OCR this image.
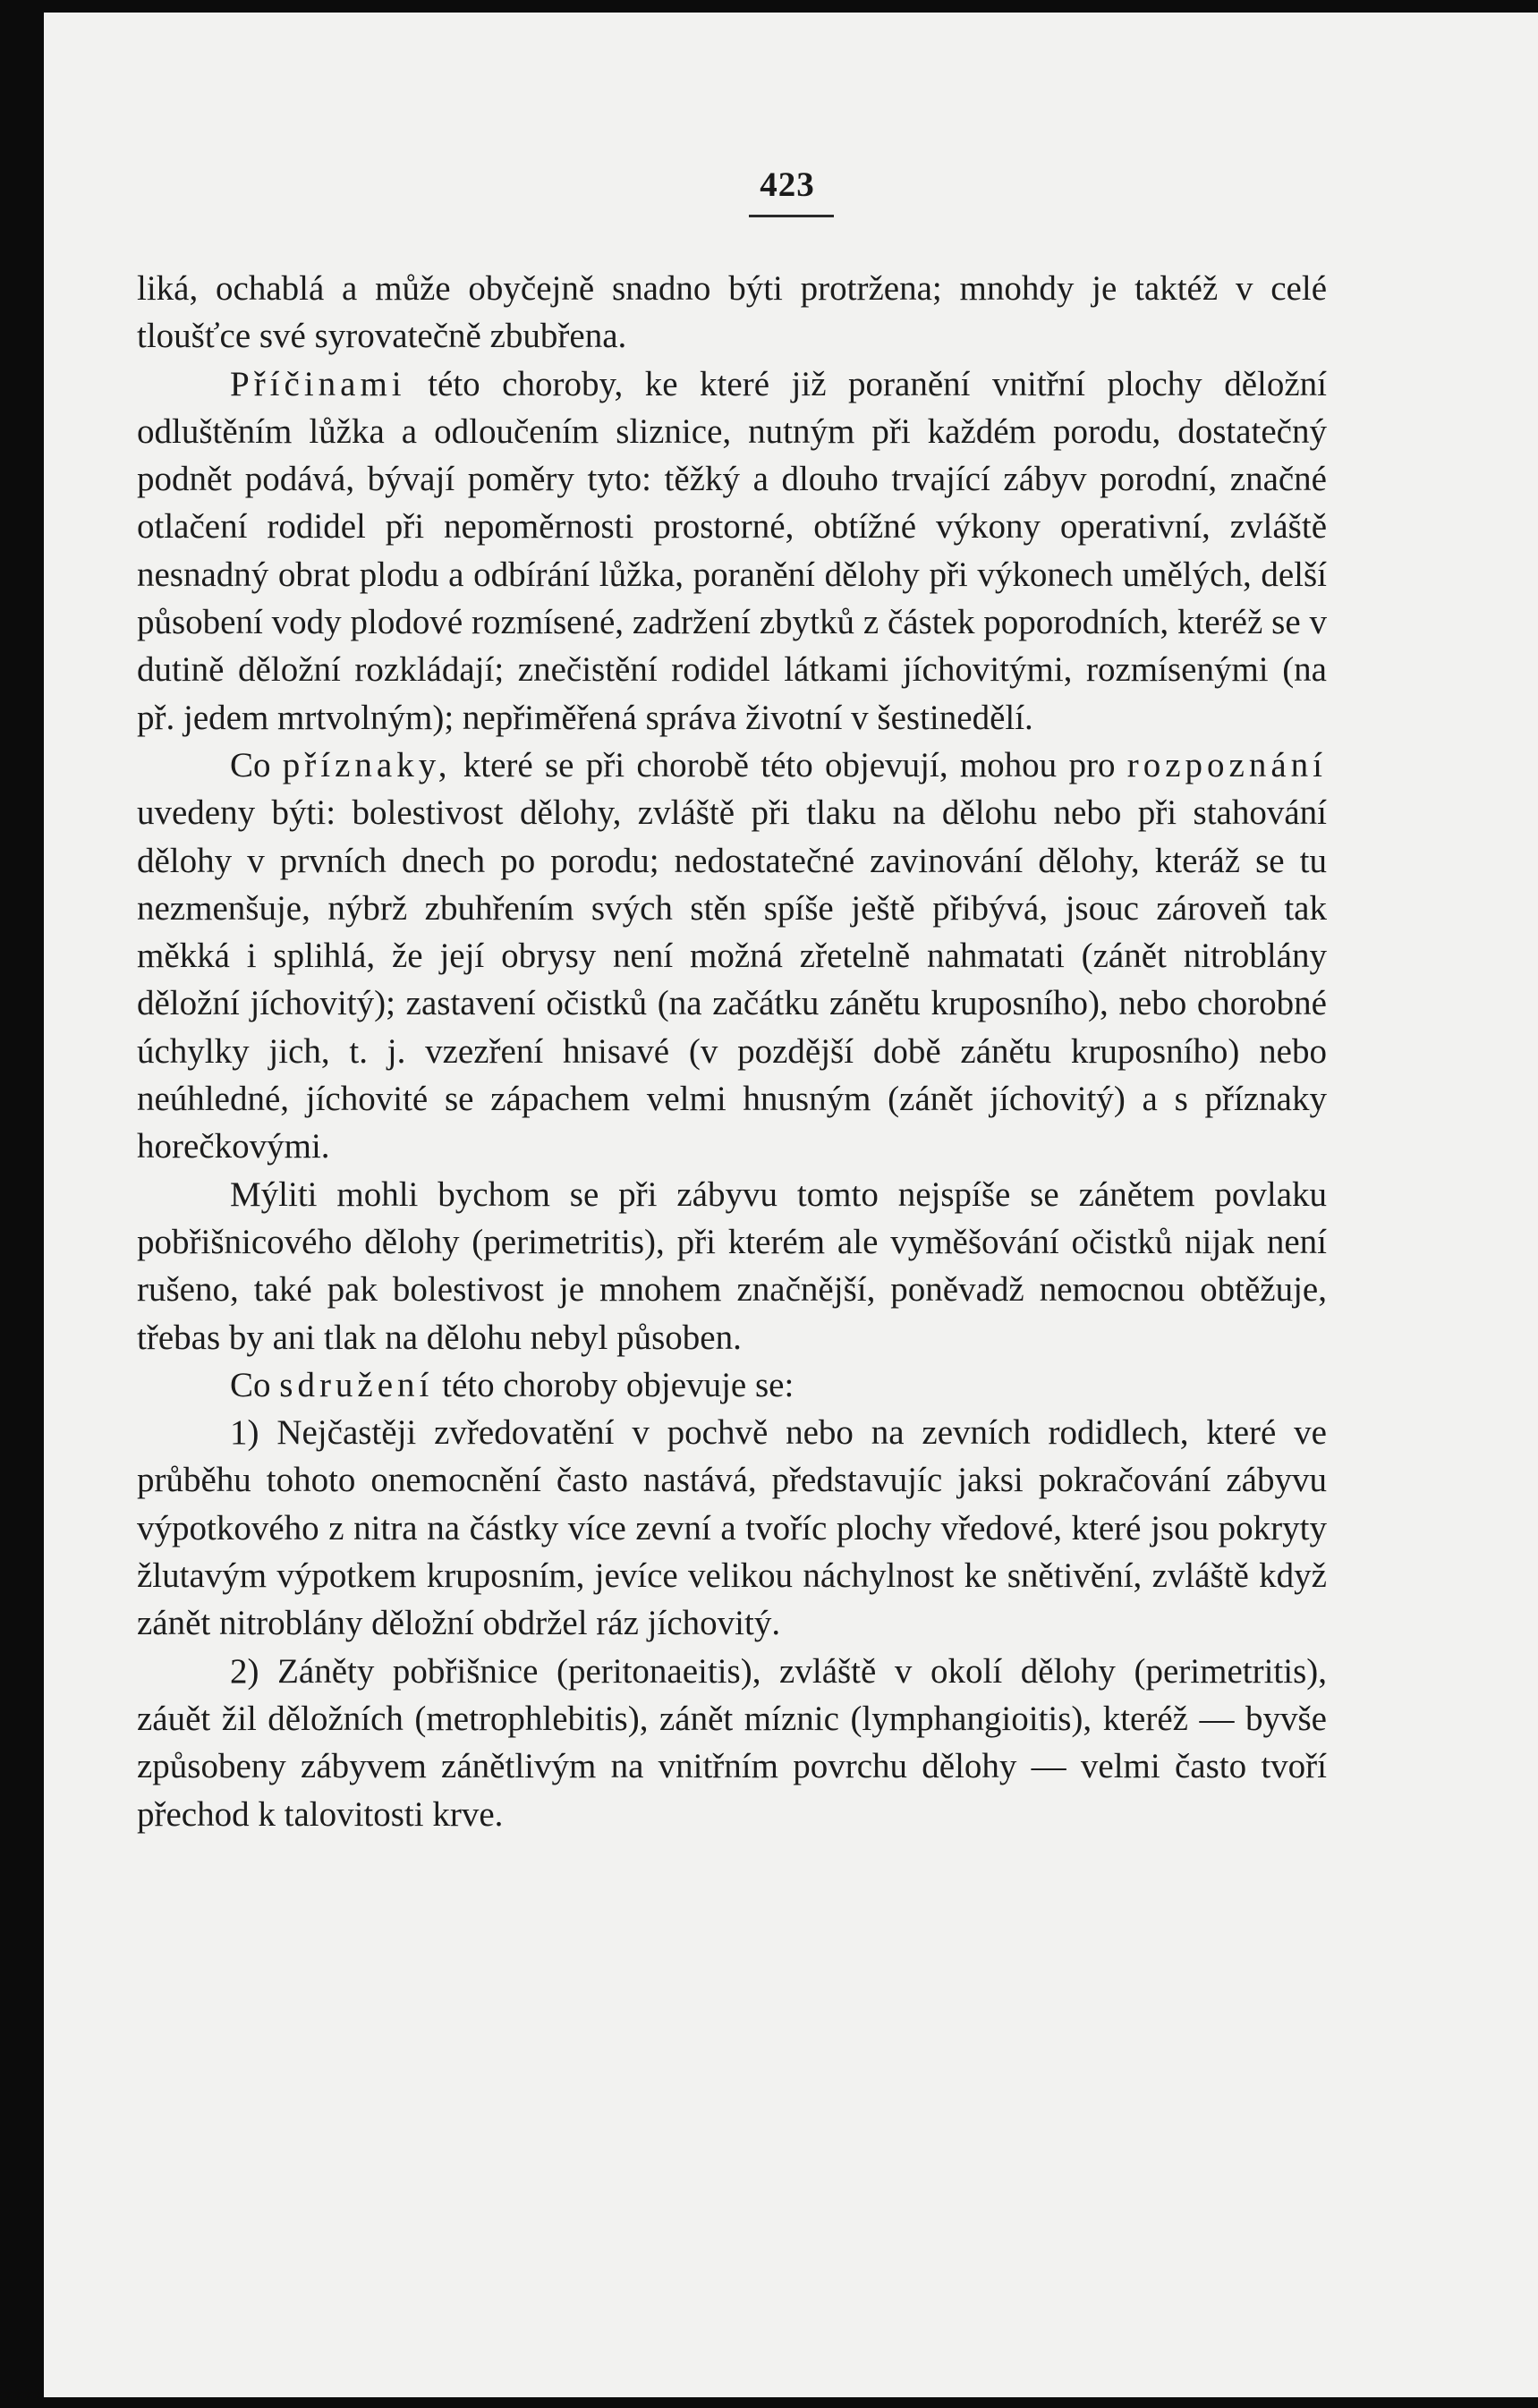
423

liká, ochablá a může obyčejně snadno býti protržena; mnohdy je taktéž v celé tloušťce své syrovatečně zbubřena.

Příčinami této choroby, ke které již poranění vnitřní plochy děložní odluštěním lůžka a odloučením sliznice, nutným při každém porodu, dostatečný podnět podává, bývají poměry tyto: těžký a dlouho trvající zábyv porodní, značné otlačení rodidel při nepoměrnosti prostorné, obtížné výkony operativní, zvláště nesnadný obrat plodu a odbírání lůžka, poranění dělohy při výkonech umělých, delší působení vody plodové rozmísené, zadržení zbytků z částek poporodních, kteréž se v dutině děložní rozkládají; znečistění rodidel látkami jíchovitými, rozmísenými (na př. jedem mrtvolným); nepřiměřená správa životní v šestinedělí.

Co příznaky, které se při chorobě této objevují, mohou pro rozpoznání uvedeny býti: bolestivost dělohy, zvláště při tlaku na dělohu nebo při stahování dělohy v prvních dnech po porodu; nedostatečné zavinování dělohy, kteráž se tu nezmenšuje, nýbrž zbuhřením svých stěn spíše ještě přibývá, jsouc zároveň tak měkká i splihlá, že její obrysy není možná zřetelně nahmatati (zánět nitroblány děložní jíchovitý); zastavení očistků (na začátku zánětu kruposního), nebo chorobné úchylky jich, t. j. vzezření hnisavé (v pozdější době zánětu kruposního) nebo neúhledné, jíchovité se zápachem velmi hnusným (zánět jíchovitý) a s příznaky horečkovými.

Mýliti mohli bychom se při zábyvu tomto nejspíše se zánětem povlaku pobřišnicového dělohy (perimetritis), při kterém ale vyměšování očistků nijak není rušeno, také pak bolestivost je mnohem značnější, poněvadž nemocnou obtěžuje, třebas by ani tlak na dělohu nebyl působen.

Co sdružení této choroby objevuje se:

1) Nejčastěji zvředovatění v pochvě nebo na zevních rodidlech, které ve průběhu tohoto onemocnění často nastává, představujíc jaksi pokračování zábyvu výpotkového z nitra na částky více zevní a tvoříc plochy vředové, které jsou pokryty žlutavým výpotkem kruposním, jevíce velikou náchylnost ke snětivění, zvláště když zánět nitroblány děložní obdržel ráz jíchovitý.

2) Záněty pobřišnice (peritonaeitis), zvláště v okolí dělohy (perimetritis), záuět žil děložních (metrophlebitis), zánět míznic (lymphangioitis), kteréž — byvše způsobeny zábyvem zánětlivým na vnitřním povrchu dělohy — velmi často tvoří přechod k talovitosti krve.
